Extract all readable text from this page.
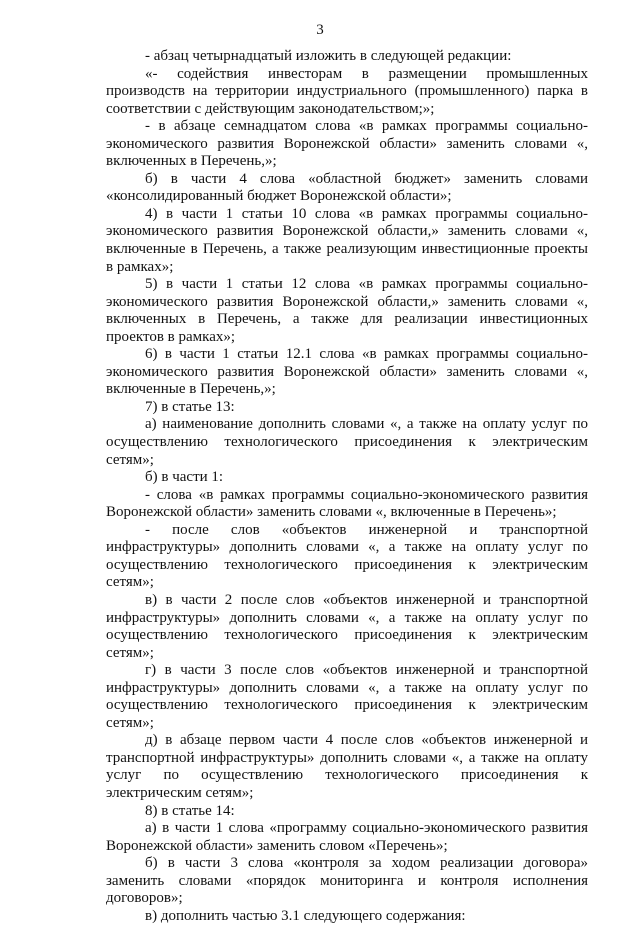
3

- абзац четырнадцатый изложить в следующей редакции:

«- содействия инвесторам в размещении промышленных производств на территории индустриального (промышленного) парка в соответствии с действующим законодательством;»;

- в абзаце семнадцатом слова «в рамках программы социально-экономического развития Воронежской области» заменить словами «, включенных в Перечень,»;

б) в части 4 слова «областной бюджет» заменить словами «консолидированный бюджет Воронежской области»;

4) в части 1 статьи 10 слова «в рамках программы социально-экономического развития Воронежской области,» заменить словами «, включенные в Перечень, а также реализующим инвестиционные проекты в рамках»;

5) в части 1 статьи 12 слова «в рамках программы социально-экономического развития Воронежской области,» заменить словами «, включенных в Перечень, а также для реализации инвестиционных проектов в рамках»;

6) в части 1 статьи 12.1 слова «в рамках программы социально-экономического развития Воронежской области» заменить словами «, включенные в Перечень,»;

7) в статье 13:

а) наименование дополнить словами «, а также на оплату услуг по осуществлению технологического присоединения к электрическим сетям»;

б) в части 1:

- слова «в рамках программы социально-экономического развития Воронежской области» заменить словами «, включенные в Перечень»;

- после слов «объектов инженерной и транспортной инфраструктуры» дополнить словами «, а также на оплату услуг по осуществлению технологического присоединения к электрическим сетям»;

в) в части 2 после слов «объектов инженерной и транспортной инфраструктуры» дополнить словами «, а также на оплату услуг по осуществлению технологического присоединения к электрическим сетям»;

г) в части 3 после слов «объектов инженерной и транспортной инфраструктуры» дополнить словами «, а также на оплату услуг по осуществлению технологического присоединения к электрическим сетям»;

д) в абзаце первом части 4 после слов «объектов инженерной и транспортной инфраструктуры» дополнить словами «, а также на оплату услуг по осуществлению технологического присоединения к электрическим сетям»;

8) в статье 14:

а) в части 1 слова «программу социально-экономического развития Воронежской области» заменить словом «Перечень»;

б) в части 3 слова «контроля за ходом реализации договора» заменить словами «порядок мониторинга и контроля исполнения договоров»;

в) дополнить частью 3.1 следующего содержания:
